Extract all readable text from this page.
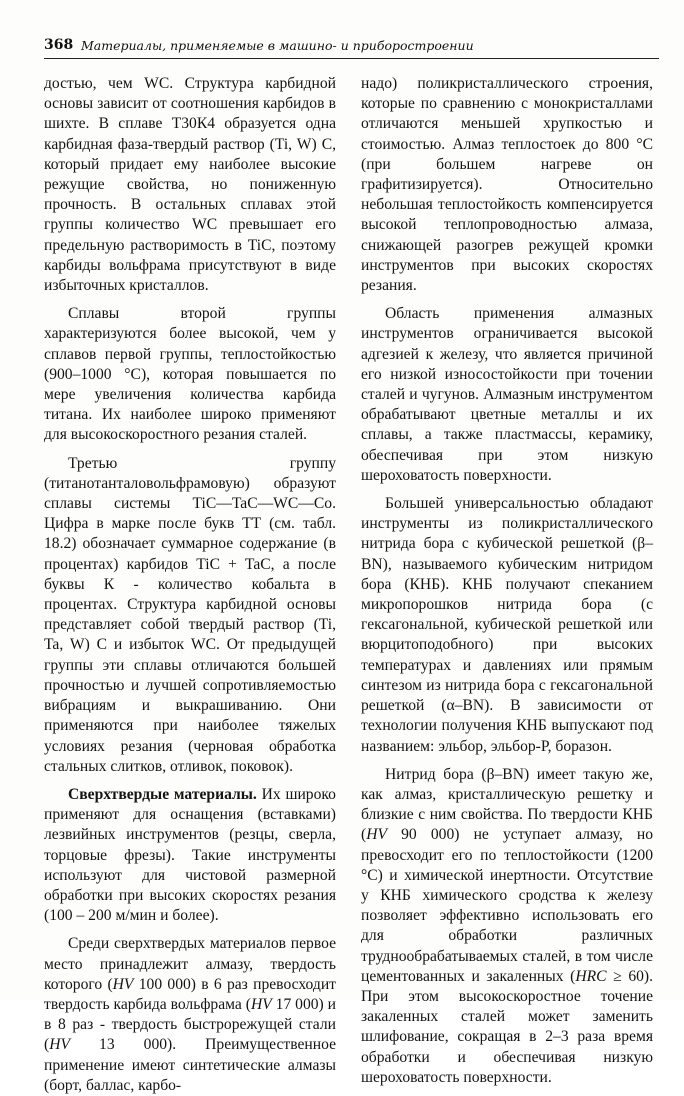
368 Материалы, применяемые в машино- и приборостроении

достью, чем WC. Структура карбидной основы зависит от соотношения карбидов в шихте. В сплаве Т30К4 образуется одна карбидная фаза-твердый раствор (Ti, W) C, который придает ему наиболее высокие режущие свойства, но пониженную прочность. В остальных сплавах этой группы количество WC превышает его предельную растворимость в TiC, поэтому карбиды вольфрама присутствуют в виде избыточных кристаллов.

Сплавы второй группы характеризуются более высокой, чем у сплавов первой группы, теплостойкостью (900–1000 °С), которая повышается по мере увеличения количества карбида титана. Их наиболее широко применяют для высокоскоростного резания сталей.

Третью группу (титанотанталовольфрамовую) образуют сплавы системы TiC—TaC—WC—Co. Цифра в марке после букв ТТ (см. табл. 18.2) обозначает суммарное содержание (в процентах) карбидов TiC + TaC, а после буквы К - количество кобальта в процентах. Структура карбидной основы представляет собой твердый раствор (Ti, Ta, W) C и избыток WC. От предыдущей группы эти сплавы отличаются большей прочностью и лучшей сопротивляемостью вибрациям и выкрашиванию. Они применяются при наиболее тяжелых условиях резания (черновая обработка стальных слитков, отливок, поковок).

Сверхтвердые материалы. Их широко применяют для оснащения (вставками) лезвийных инструментов (резцы, сверла, торцовые фрезы). Такие инструменты используют для чистовой размерной обработки при высоких скоростях резания (100 – 200 м/мин и более).

Среди сверхтвердых материалов первое место принадлежит алмазу, твердость которого (HV 100 000) в 6 раз превосходит твердость карбида вольфрама (HV 17 000) и в 8 раз - твердость быстрорежущей стали (HV 13 000). Преимущественное применение имеют синтетические алмазы (борт, баллас, карбо-

надо) поликристаллического строения, которые по сравнению с монокристаллами отличаются меньшей хрупкостью и стоимостью. Алмаз теплостоек до 800 °С (при большем нагреве он графитизируется). Относительно небольшая теплостойкость компенсируется высокой теплопроводностью алмаза, снижающей разогрев режущей кромки инструментов при высоких скоростях резания.

Область применения алмазных инструментов ограничивается высокой адгезией к железу, что является причиной его низкой износостойкости при точении сталей и чугунов. Алмазным инструментом обрабатывают цветные металлы и их сплавы, а также пластмассы, керамику, обеспечивая при этом низкую шероховатость поверхности.

Большей универсальностью обладают инструменты из поликристаллического нитрида бора с кубической решеткой (β–BN), называемого кубическим нитридом бора (КНБ). КНБ получают спеканием микропорошков нитрида бора (с гексагональной, кубической решеткой или вюрцитоподобного) при высоких температурах и давлениях или прямым синтезом из нитрида бора с гексагональной решеткой (α–BN). В зависимости от технологии получения КНБ выпускают под названием: эльбор, эльбор-Р, боразон.

Нитрид бора (β–BN) имеет такую же, как алмаз, кристаллическую решетку и близкие с ним свойства. По твердости КНБ (HV 90 000) не уступает алмазу, но превосходит его по теплостойкости (1200 °С) и химической инертности. Отсутствие у КНБ химического сродства к железу позволяет эффективно использовать его для обработки различных труднообрабатываемых сталей, в том числе цементованных и закаленных (HRC ≥ 60). При этом высокоскоростное точение закаленных сталей может заменить шлифование, сокращая в 2–3 раза время обработки и обеспечивая низкую шероховатость поверхности.
